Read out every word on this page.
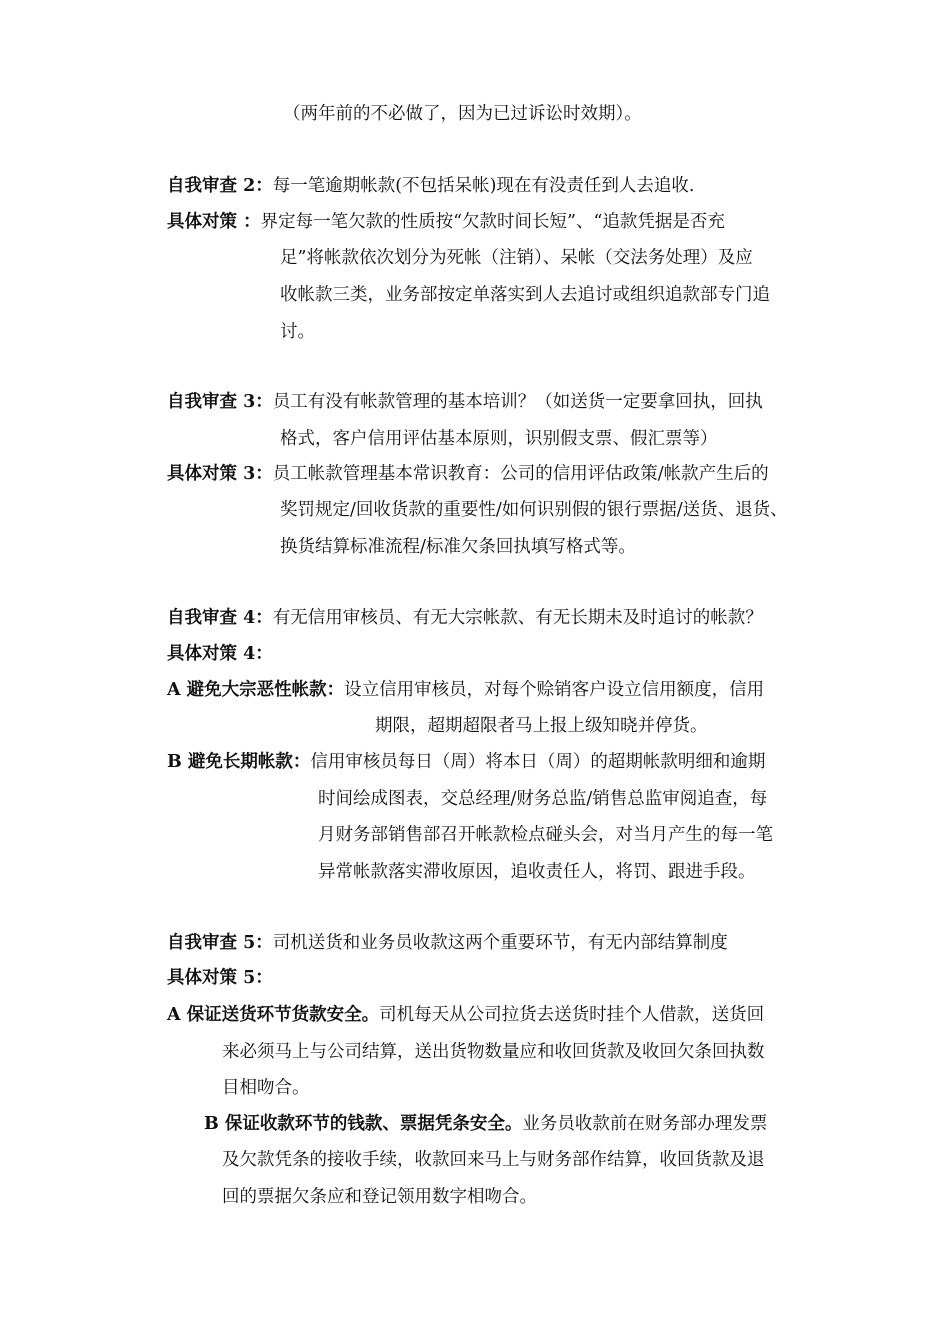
（两年前的不必做了，因为已过诉讼时效期）。
自我审查 2：每一笔逾期帐款(不包括呆帐)现在有没责任到人去追收.
具体对策 ：界定每一笔欠款的性质按“欠款时间长短”、“追款凭据是否充
足”将帐款依次划分为死帐（注销）、呆帐（交法务处理）及应
收帐款三类，业务部按定单落实到人去追讨或组织追款部专门追
讨。
自我审查 3：员工有没有帐款管理的基本培训？（如送货一定要拿回执，回执
格式，客户信用评估基本原则，识别假支票、假汇票等）
具体对策 3：员工帐款管理基本常识教育：公司的信用评估政策/帐款产生后的
奖罚规定/回收货款的重要性/如何识别假的银行票据/送货、退货、
换货结算标准流程/标准欠条回执填写格式等。
自我审查 4：有无信用审核员、有无大宗帐款、有无长期未及时追讨的帐款？
具体对策 4：
A 避免大宗恶性帐款：设立信用审核员，对每个赊销客户设立信用额度，信用
期限，超期超限者马上报上级知晓并停货。
B 避免长期帐款：信用审核员每日（周）将本日（周）的超期帐款明细和逾期
时间绘成图表，交总经理/财务总监/销售总监审阅追查，每
月财务部销售部召开帐款检点碰头会，对当月产生的每一笔
异常帐款落实滞收原因，追收责任人，将罚、跟进手段。
自我审查 5：司机送货和业务员收款这两个重要环节，有无内部结算制度
具体对策 5：
A 保证送货环节货款安全。司机每天从公司拉货去送货时挂个人借款，送货回
来必须马上与公司结算，送出货物数量应和收回货款及收回欠条回执数
目相吻合。
B 保证收款环节的钱款、票据凭条安全。业务员收款前在财务部办理发票
及欠款凭条的接收手续，收款回来马上与财务部作结算，收回货款及退
回的票据欠条应和登记领用数字相吻合。
